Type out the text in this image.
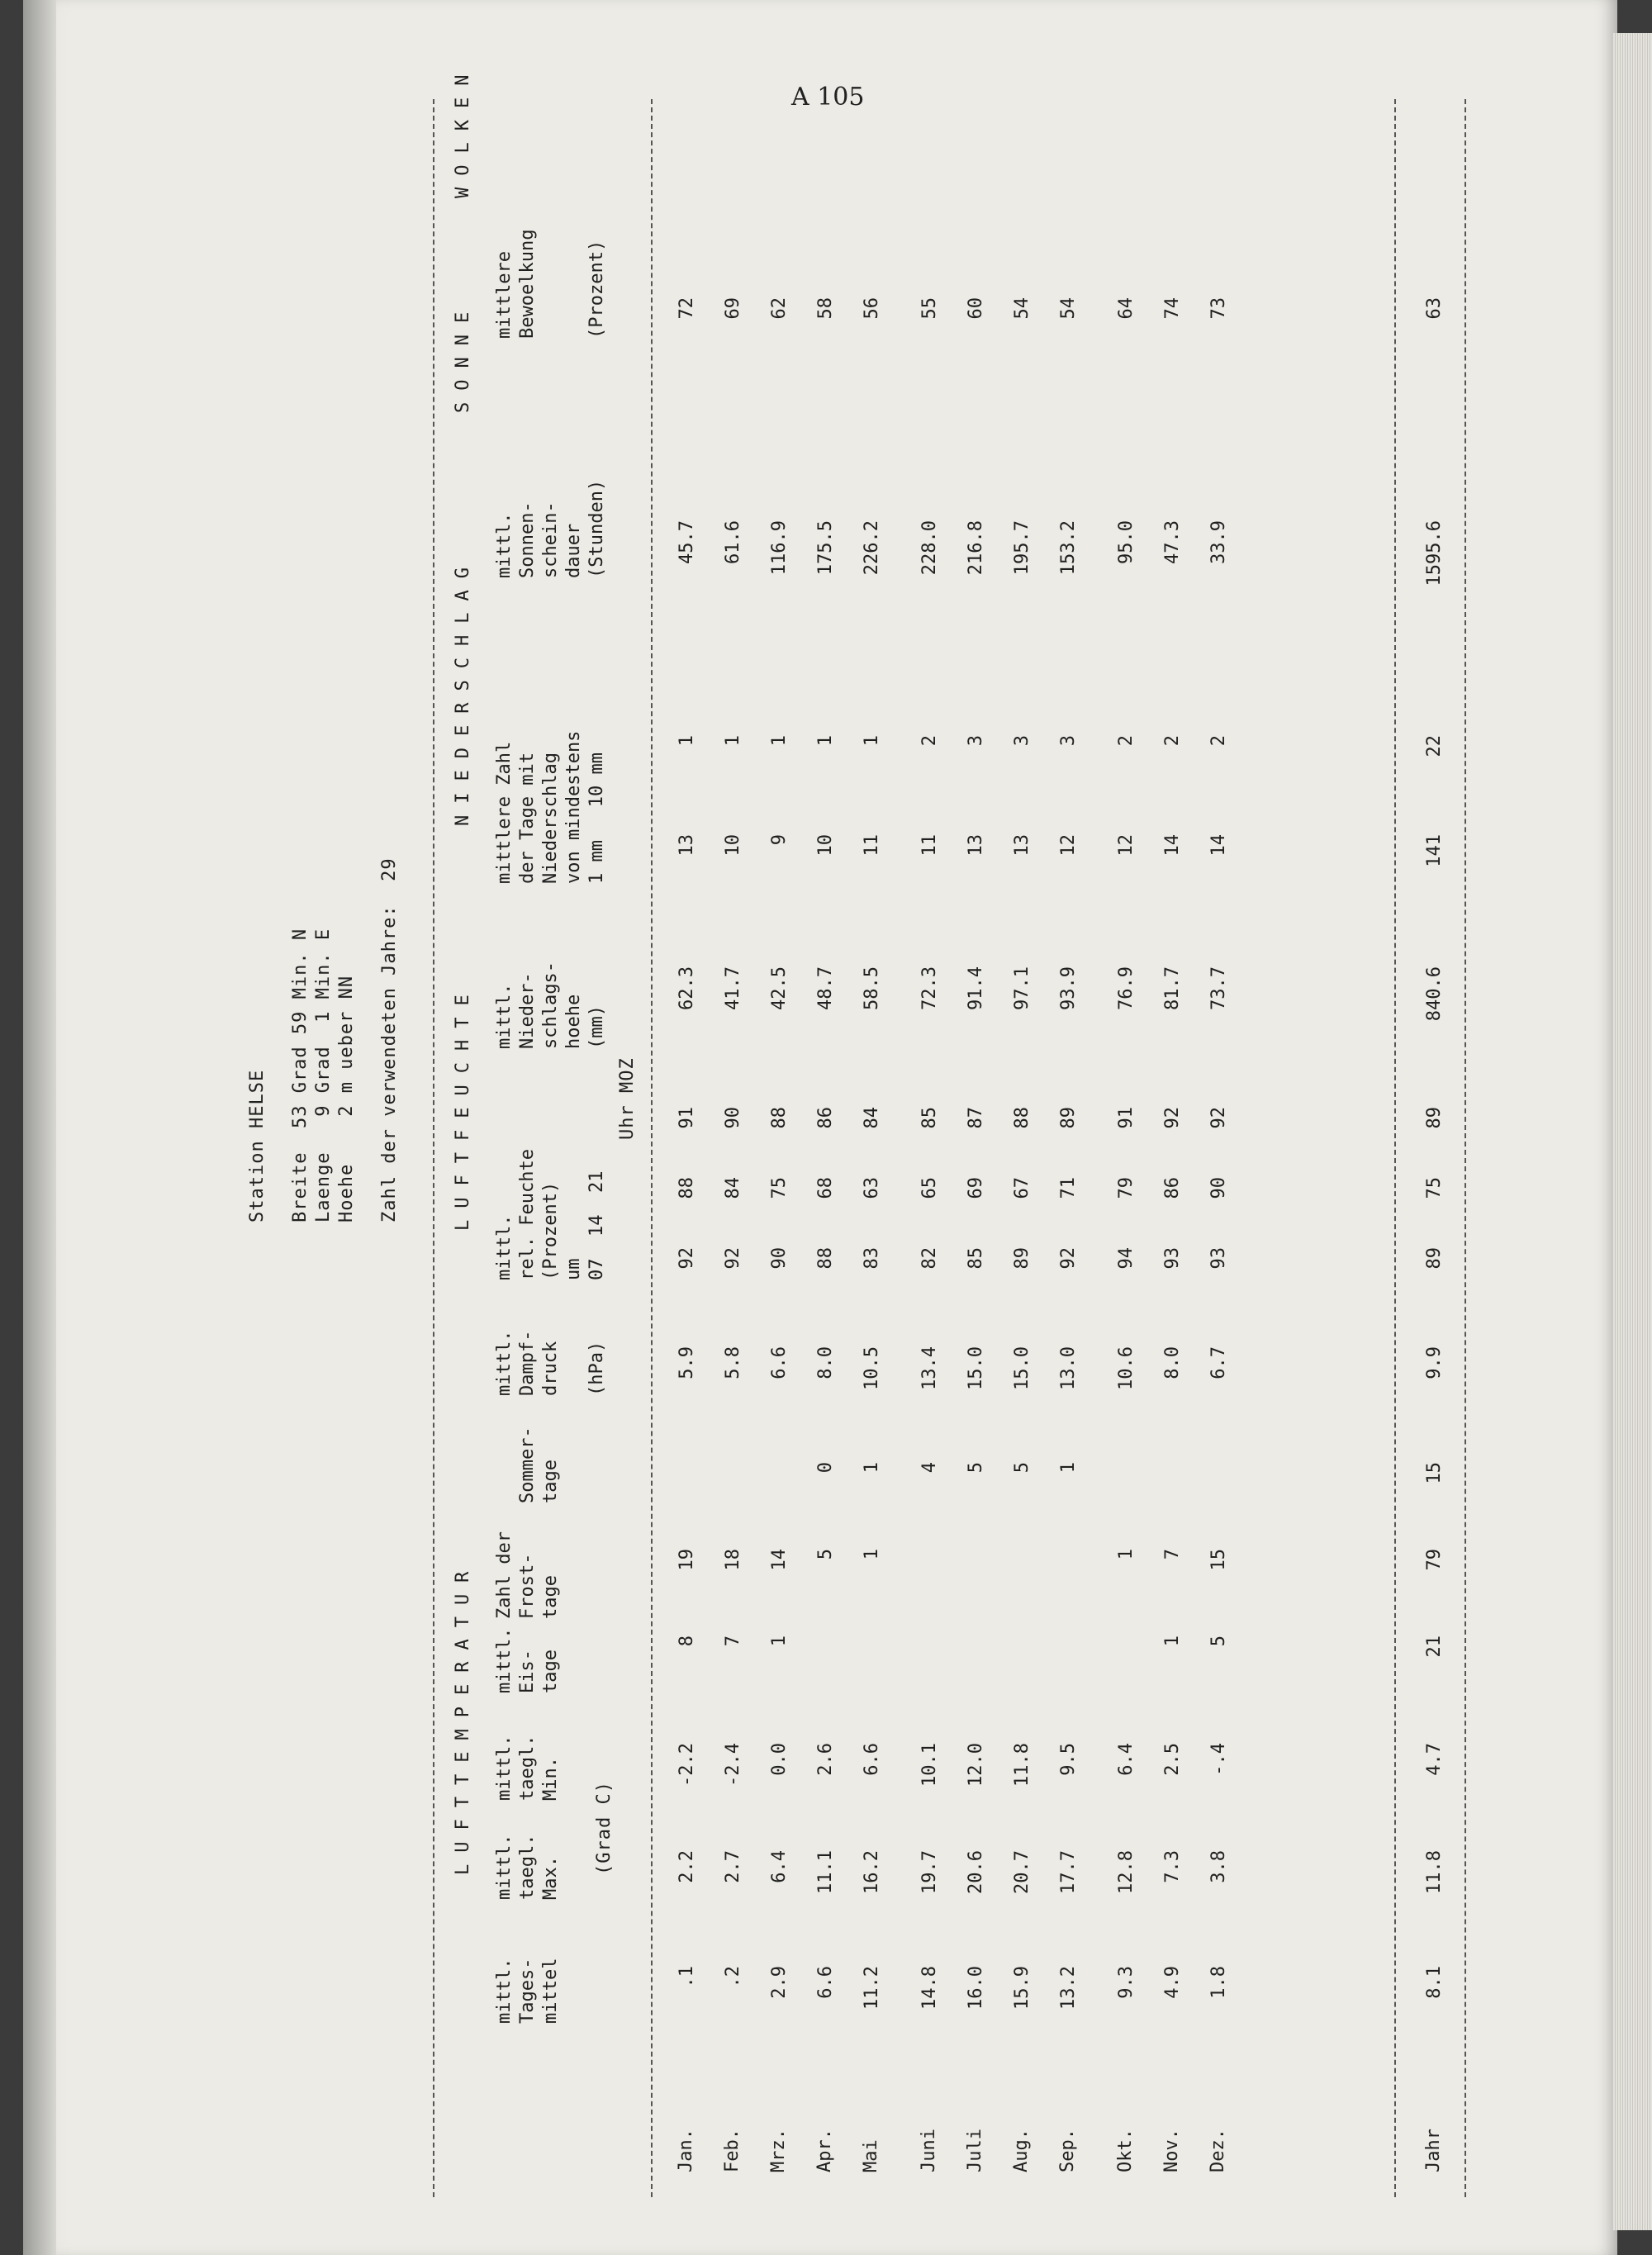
A 105
Station HELSE Breite  53 Grad 59 Min. N Laenge   9 Grad  1 Min. E Hoehe    2 m ueber NN Zahl der verwendeten Jahre:  29
LUFTTEMPERATUR
LUFTFEUCHTE
NIEDERSCHLAG
SONNE
WOLKEN
mittl. Tages- mittel
mittl. taegl. Max.
mittl. taegl. Min.
mittl. Eis- tage
Zahl der Frost- tage
Sommer- tage
mittl. Dampf- druck (hPa)
mittl. rel. Feuchte (Prozent) um 07  14  21
mittl. Nieder- schlags- hoehe (mm)
mittlere Zahl der Tage mit Niederschlag von mindestens 1 mm   10 mm
mittl. Sonnen- schein- dauer (Stunden)
mittlere Bewoelkung	(Prozent)
(Grad C)
Uhr MOZ
Jan.
.1
2.2
-2.2
8
19
5.9
92
88
91
62.3
13
1
45.7
72
Feb.
.2
2.7
-2.4
7
18
5.8
92
84
90
41.7
10
1
61.6
69
Mrz.
2.9
6.4
0.0
1
14
6.6
90
75
88
42.5
9
1
116.9
62
Apr.
6.6
11.1
2.6
5
0
8.0
88
68
86
48.7
10
1
175.5
58
Mai
11.2
16.2
6.6
1
1
10.5
83
63
84
58.5
11
1
226.2
56
Juni
14.8
19.7
10.1
4
13.4
82
65
85
72.3
11
2
228.0
55
Juli
16.0
20.6
12.0
5
15.0
85
69
87
91.4
13
3
216.8
60
Aug.
15.9
20.7
11.8
5
15.0
89
67
88
97.1
13
3
195.7
54
Sep.
13.2
17.7
9.5
1
13.0
92
71
89
93.9
12
3
153.2
54
Okt.
9.3
12.8
6.4
1
10.6
94
79
91
76.9
12
2
95.0
64
Nov.
4.9
7.3
2.5
1
7
8.0
93
86
92
81.7
14
2
47.3
74
Dez.
1.8
3.8
-.4
5
15
6.7
93
90
92
73.7
14
2
33.9
73
Jahr
8.1
11.8
4.7
21
79
15
9.9
89
75
89
840.6
141
22
1595.6
63
